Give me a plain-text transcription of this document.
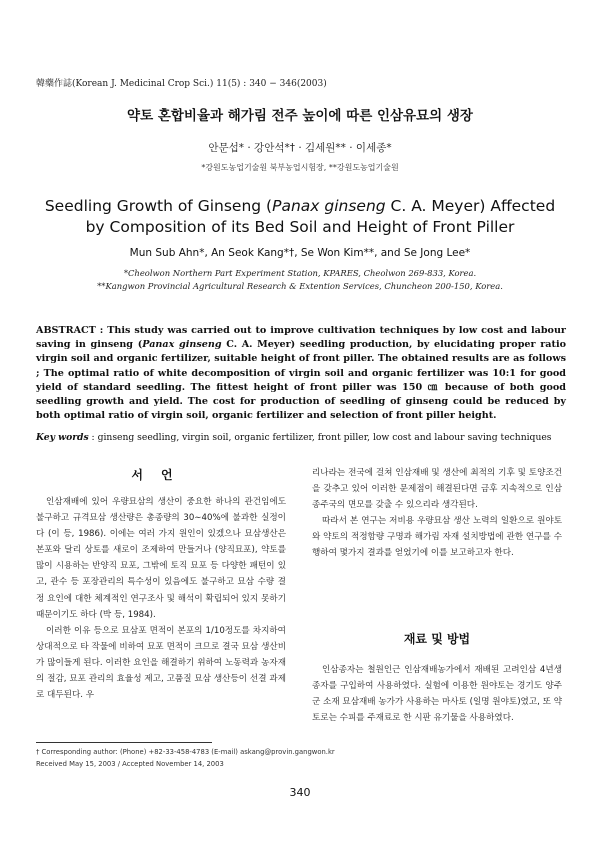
韓藥作誌(Korean J. Medicinal Crop Sci.) 11(5) : 340 − 346(2003)
약토 혼합비율과 해가림 전주 높이에 따른 인삼유묘의 생장
안문섭* · 강안석*† · 김세원** · 이세종*
*강원도농업기술원 북부농업시험장, **강원도농업기술원
Seedling Growth of Ginseng (Panax ginseng C. A. Meyer) Affected by Composition of its Bed Soil and Height of Front Piller
Mun Sub Ahn*, An Seok Kang*†, Se Won Kim**, and Se Jong Lee*
*Cheolwon Northern Part Experiment Station, KPARES, Cheolwon 269-833, Korea.
**Kangwon Provincial Agricultural Research & Extention Services, Chuncheon 200-150, Korea.
ABSTRACT : This study was carried out to improve cultivation techniques by low cost and labour saving in ginseng (Panax ginseng C. A. Meyer) seedling production, by elucidating proper ratio virgin soil and organic fertilizer, suitable height of front piller. The obtained results are as follows ; The optimal ratio of white decomposition of virgin soil and organic fertilizer was 10:1 for good yield of standard seedling. The fittest height of front piller was 150 ㎝ because of both good seedling growth and yield. The cost for production of seedling of ginseng could be reduced by both optimal ratio of virgin soil, organic fertilizer and selection of front piller height.
Key words : ginseng seedling, virgin soil, organic fertilizer, front piller, low cost and labour saving techniques
서언

인삼재배에 있어 우량묘삼의 생산이 중요한 하나의 관건임에도 불구하고 규격묘삼 생산량은 총종량의 30∼40%에 불과한 실정이다 (이 등, 1986). 이에는 여러 가지 원인이 있겠으나 묘삼생산은 본포와 달리 상토를 새로이 조제하여 만들거나 (양직묘포), 약토를 많이 시용하는 반양직 묘포, 그밖에 토직 묘포 등 다양한 패턴이 있고, 관수 등 포장관리의 특수성이 있음에도 불구하고 묘삼 수량 결정 요인에 대한 체계적인 연구조사 및 해석이 확립되어 있지 못하기 때문이기도 하다 (박 등, 1984).

이러한 이유 등으로 묘삼포 면적이 본포의 1/10정도를 차지하여 상대적으로 타 작물에 비하여 묘포 면적이 크므로 결국 묘삼 생산비가 많이들게 된다. 이러한 요인을 해결하기 위하여 노동력과 농자재의 절감, 묘포 관리의 효율성 제고, 고품질 묘삼 생산등이 선결 과제로 대두된다. 우

리나라는 전국에 걸쳐 인삼재배 및 생산에 최적의 기후 및 토양조건을 갖추고 있어 이러한 문제점이 해결된다면 금후 지속적으로 인삼종주국의 면모를 갖출 수 있으리라 생각된다.

따라서 본 연구는 저비용 우량묘삼 생산 노력의 일환으로 원야토와 약토의 적정함량 구명과 해가림 자재 설치방법에 관한 연구를 수행하여 몇가지 결과를 얻었기에 이를 보고하고자 한다.

재료 및 방법

인삼종자는 철원인근 인삼재배농가에서 재배된 고려인삼 4년생 종자를 구입하여 사용하였다. 실험에 이용한 원야토는 경기도 양주군 소재 묘삼재배 농가가 사용하는 마사토 (일명 원야토)였고, 또 약토로는 수피를 주재료로 한 시판 유기물을 사용하였다.

† Corresponding author: (Phone) +82-33-458-4783 (E-mail) askang@provin.gangwon.kr
Received May 15, 2003 / Accepted November 14, 2003
340
